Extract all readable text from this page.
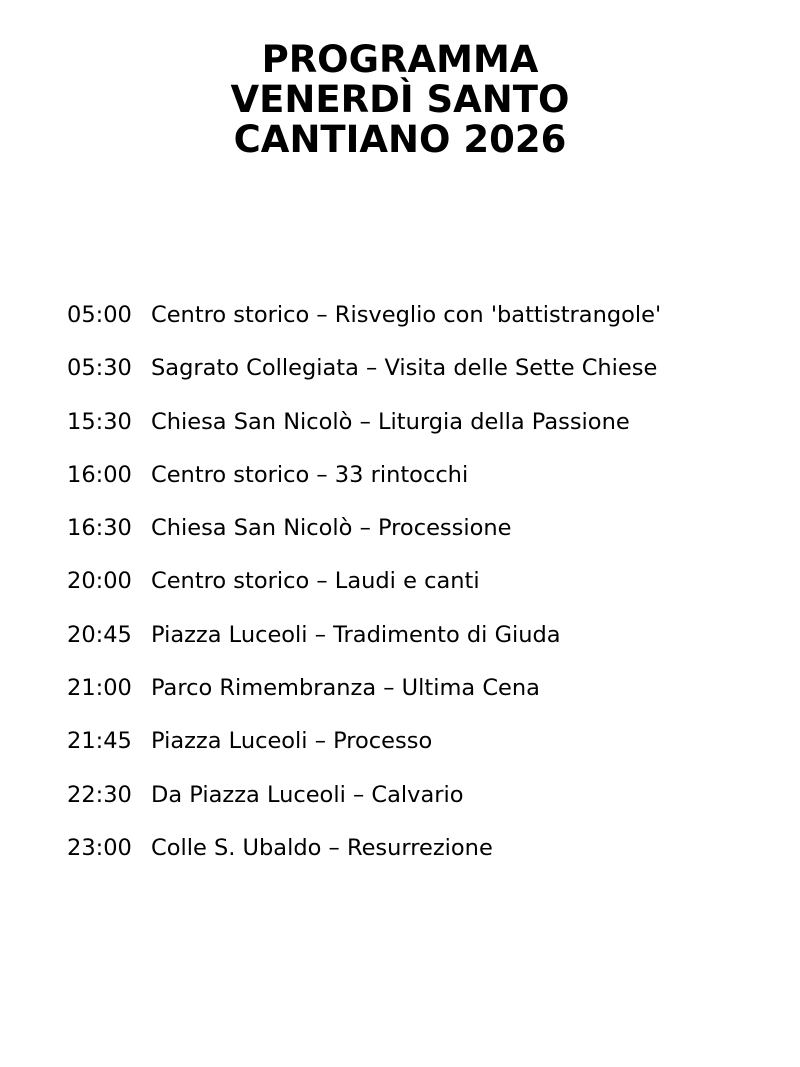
PROGRAMMA
VENERDÌ SANTO
CANTIANO 2026
05:00 Centro storico – Risveglio con 'battistrangole'
05:30 Sagrato Collegiata – Visita delle Sette Chiese
15:30 Chiesa San Nicolò – Liturgia della Passione
16:00 Centro storico – 33 rintocchi
16:30 Chiesa San Nicolò – Processione
20:00 Centro storico – Laudi e canti
20:45 Piazza Luceoli – Tradimento di Giuda
21:00 Parco Rimembranza – Ultima Cena
21:45 Piazza Luceoli – Processo
22:30 Da Piazza Luceoli – Calvario
23:00 Colle S. Ubaldo – Resurrezione
